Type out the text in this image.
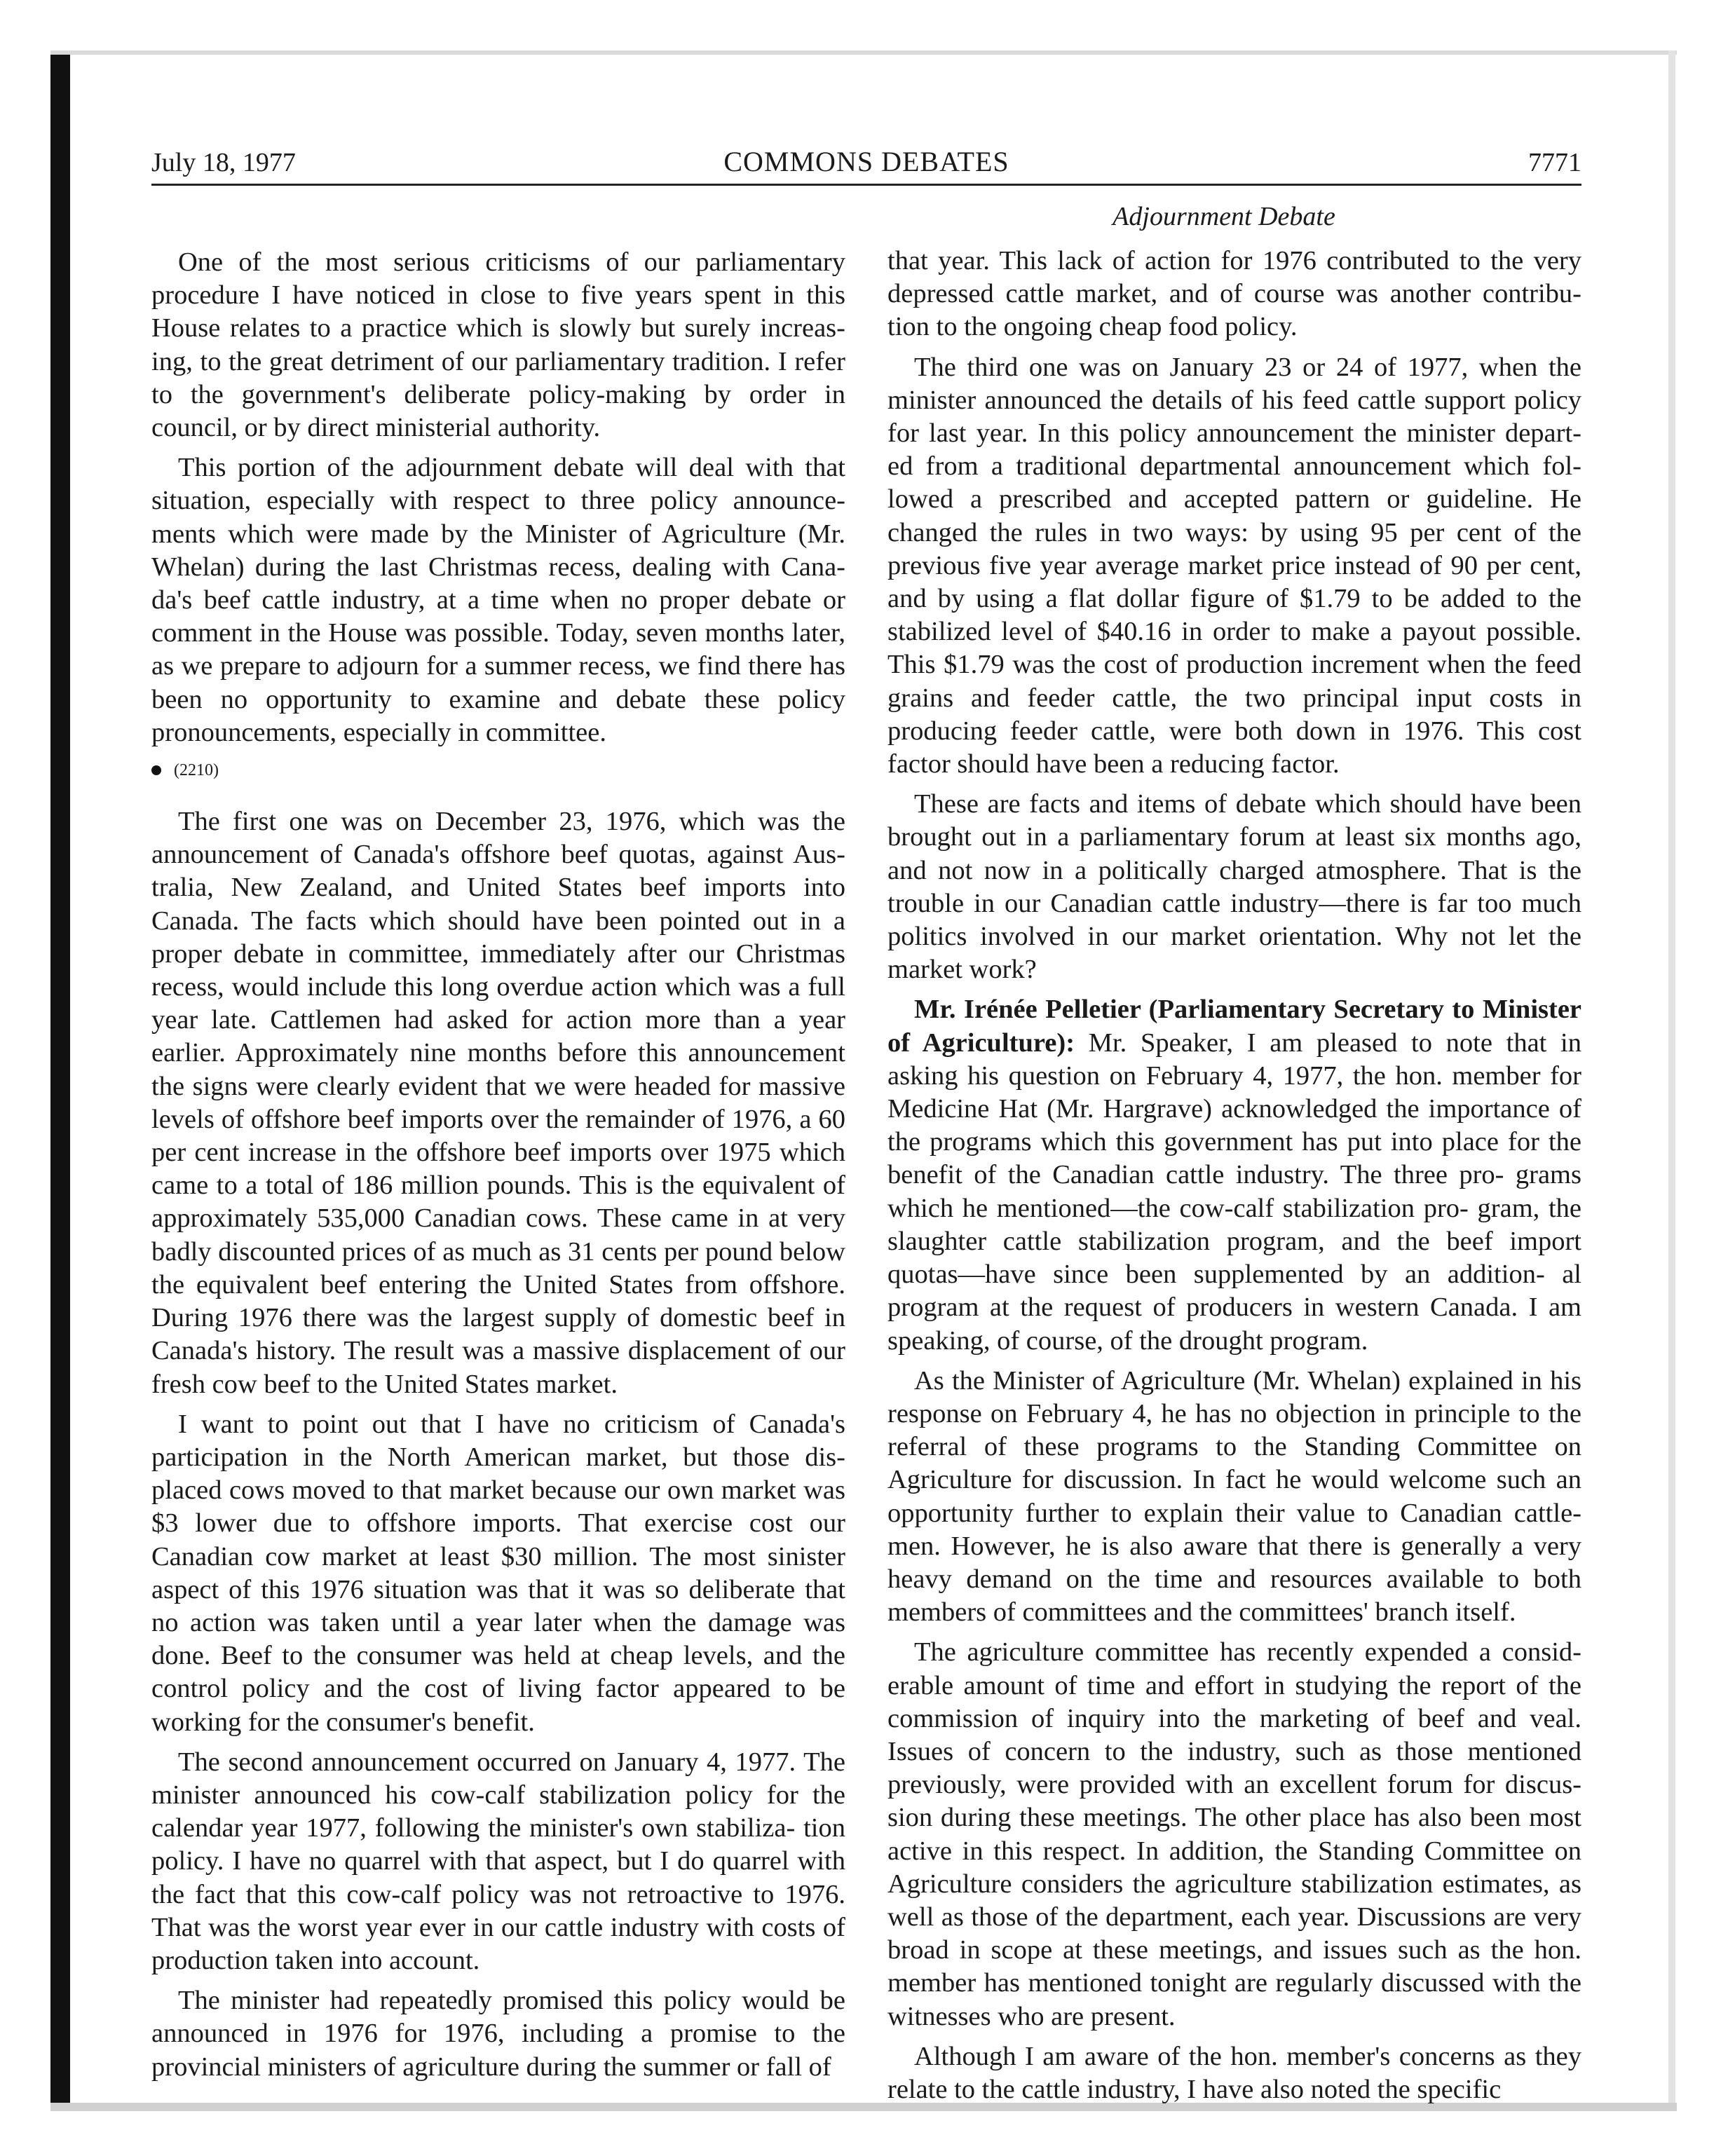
July 18, 1977	COMMONS DEBATES	7771
Adjournment Debate

One of the most serious criticisms of our parliamentary procedure I have noticed in close to five years spent in this House relates to a practice which is slowly but surely increas- ing, to the great detriment of our parliamentary tradition. I refer to the government's deliberate policy-making by order in council, or by direct ministerial authority.

This portion of the adjournment debate will deal with that situation, especially with respect to three policy announce- ments which were made by the Minister of Agriculture (Mr. Whelan) during the last Christmas recess, dealing with Cana- da's beef cattle industry, at a time when no proper debate or comment in the House was possible. Today, seven months later, as we prepare to adjourn for a summer recess, we find there has been no opportunity to examine and debate these policy pronouncements, especially in committee.

(2210)

The first one was on December 23, 1976, which was the announcement of Canada's offshore beef quotas, against Aus- tralia, New Zealand, and United States beef imports into Canada. The facts which should have been pointed out in a proper debate in committee, immediately after our Christmas recess, would include this long overdue action which was a full year late. Cattlemen had asked for action more than a year earlier. Approximately nine months before this announcement the signs were clearly evident that we were headed for massive levels of offshore beef imports over the remainder of 1976, a 60 per cent increase in the offshore beef imports over 1975 which came to a total of 186 million pounds. This is the equivalent of approximately 535,000 Canadian cows. These came in at very badly discounted prices of as much as 31 cents per pound below the equivalent beef entering the United States from offshore. During 1976 there was the largest supply of domestic beef in Canada's history. The result was a massive displacement of our fresh cow beef to the United States market.

I want to point out that I have no criticism of Canada's participation in the North American market, but those dis- placed cows moved to that market because our own market was $3 lower due to offshore imports. That exercise cost our Canadian cow market at least $30 million. The most sinister aspect of this 1976 situation was that it was so deliberate that no action was taken until a year later when the damage was done. Beef to the consumer was held at cheap levels, and the control policy and the cost of living factor appeared to be working for the consumer's benefit.

The second announcement occurred on January 4, 1977. The minister announced his cow-calf stabilization policy for the calendar year 1977, following the minister's own stabiliza- tion policy. I have no quarrel with that aspect, but I do quarrel with the fact that this cow-calf policy was not retroactive to 1976. That was the worst year ever in our cattle industry with costs of production taken into account.

The minister had repeatedly promised this policy would be announced in 1976 for 1976, including a promise to the provincial ministers of agriculture during the summer or fall of

that year. This lack of action for 1976 contributed to the very depressed cattle market, and of course was another contribu- tion to the ongoing cheap food policy.

The third one was on January 23 or 24 of 1977, when the minister announced the details of his feed cattle support policy for last year. In this policy announcement the minister depart- ed from a traditional departmental announcement which fol- lowed a prescribed and accepted pattern or guideline. He changed the rules in two ways: by using 95 per cent of the previous five year average market price instead of 90 per cent, and by using a flat dollar figure of $1.79 to be added to the stabilized level of $40.16 in order to make a payout possible. This $1.79 was the cost of production increment when the feed grains and feeder cattle, the two principal input costs in producing feeder cattle, were both down in 1976. This cost factor should have been a reducing factor.

These are facts and items of debate which should have been brought out in a parliamentary forum at least six months ago, and not now in a politically charged atmosphere. That is the trouble in our Canadian cattle industry—there is far too much politics involved in our market orientation. Why not let the market work?

Mr. Irénée Pelletier (Parliamentary Secretary to Minister of Agriculture): Mr. Speaker, I am pleased to note that in asking his question on February 4, 1977, the hon. member for Medicine Hat (Mr. Hargrave) acknowledged the importance of the programs which this government has put into place for the benefit of the Canadian cattle industry. The three pro- grams which he mentioned—the cow-calf stabilization pro- gram, the slaughter cattle stabilization program, and the beef import quotas—have since been supplemented by an addition- al program at the request of producers in western Canada. I am speaking, of course, of the drought program.

As the Minister of Agriculture (Mr. Whelan) explained in his response on February 4, he has no objection in principle to the referral of these programs to the Standing Committee on Agriculture for discussion. In fact he would welcome such an opportunity further to explain their value to Canadian cattle- men. However, he is also aware that there is generally a very heavy demand on the time and resources available to both members of committees and the committees' branch itself.

The agriculture committee has recently expended a consid- erable amount of time and effort in studying the report of the commission of inquiry into the marketing of beef and veal. Issues of concern to the industry, such as those mentioned previously, were provided with an excellent forum for discus- sion during these meetings. The other place has also been most active in this respect. In addition, the Standing Committee on Agriculture considers the agriculture stabilization estimates, as well as those of the department, each year. Discussions are very broad in scope at these meetings, and issues such as the hon. member has mentioned tonight are regularly discussed with the witnesses who are present.

Although I am aware of the hon. member's concerns as they relate to the cattle industry, I have also noted the specific
